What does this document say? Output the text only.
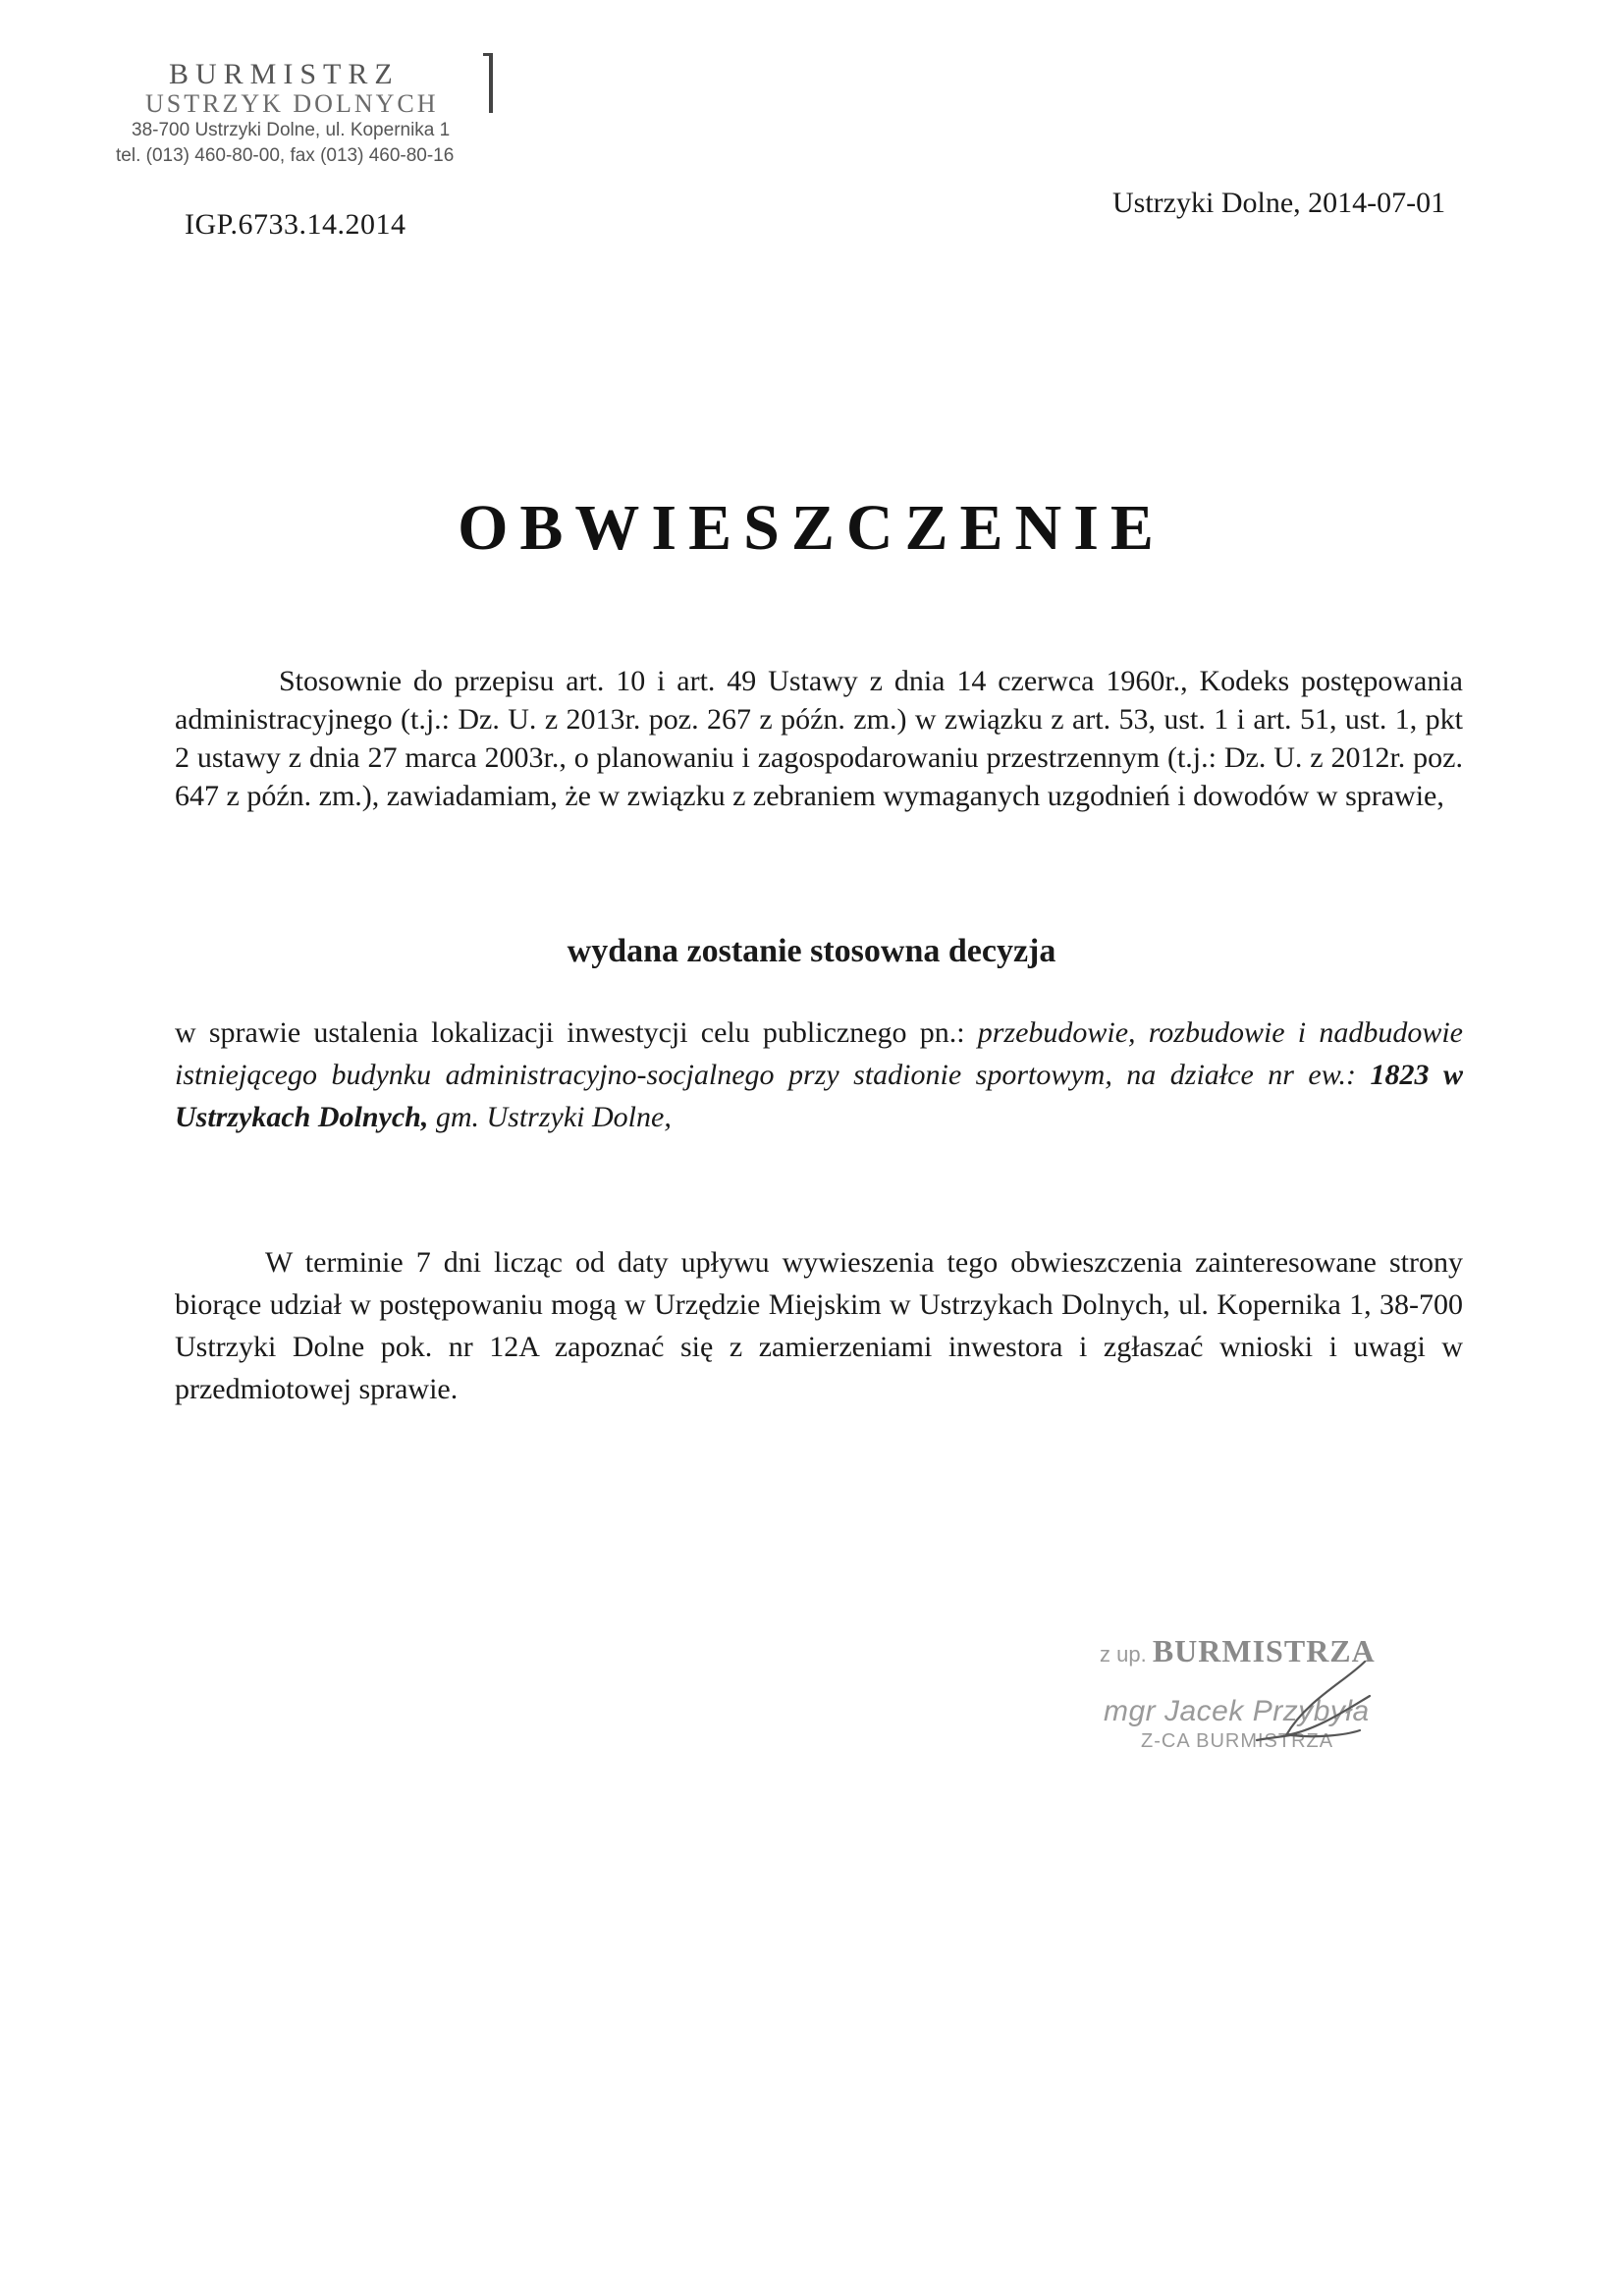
BURMISTRZ
USTRZYK DOLNYCH
38-700 Ustrzyki Dolne, ul. Kopernika 1
tel. (013) 460-80-00, fax (013) 460-80-16
IGP.6733.14.2014
Ustrzyki Dolne, 2014-07-01
OBWIESZCZENIE
Stosownie do przepisu art. 10 i art. 49 Ustawy z dnia 14 czerwca 1960r., Kodeks postępowania administracyjnego (t.j.: Dz. U. z 2013r. poz. 267 z późn. zm.) w związku z art. 53, ust. 1 i art. 51, ust. 1, pkt 2 ustawy z dnia 27 marca 2003r., o planowaniu i zagospodarowaniu przestrzennym (t.j.: Dz. U. z 2012r. poz. 647 z późn. zm.), zawiadamiam, że w związku z zebraniem wymaganych uzgodnień i dowodów w sprawie,
wydana zostanie stosowna decyzja
w sprawie ustalenia lokalizacji inwestycji celu publicznego pn.: przebudowie, rozbudowie i nadbudowie istniejącego budynku administracyjno-socjalnego przy stadionie sportowym, na działce nr ew.: 1823 w Ustrzykach Dolnych, gm. Ustrzyki Dolne,
W terminie 7 dni licząc od daty upływu wywieszenia tego obwieszczenia zainteresowane strony biorące udział w postępowaniu mogą w Urzędzie Miejskim w Ustrzykach Dolnych, ul. Kopernika 1, 38-700 Ustrzyki Dolne pok. nr 12A zapoznać się z zamierzeniami inwestora i zgłaszać wnioski i uwagi w przedmiotowej sprawie.
z up. BURMISTRZA
mgr Jacek Przybyła
Z-CA BURMISTRZA
